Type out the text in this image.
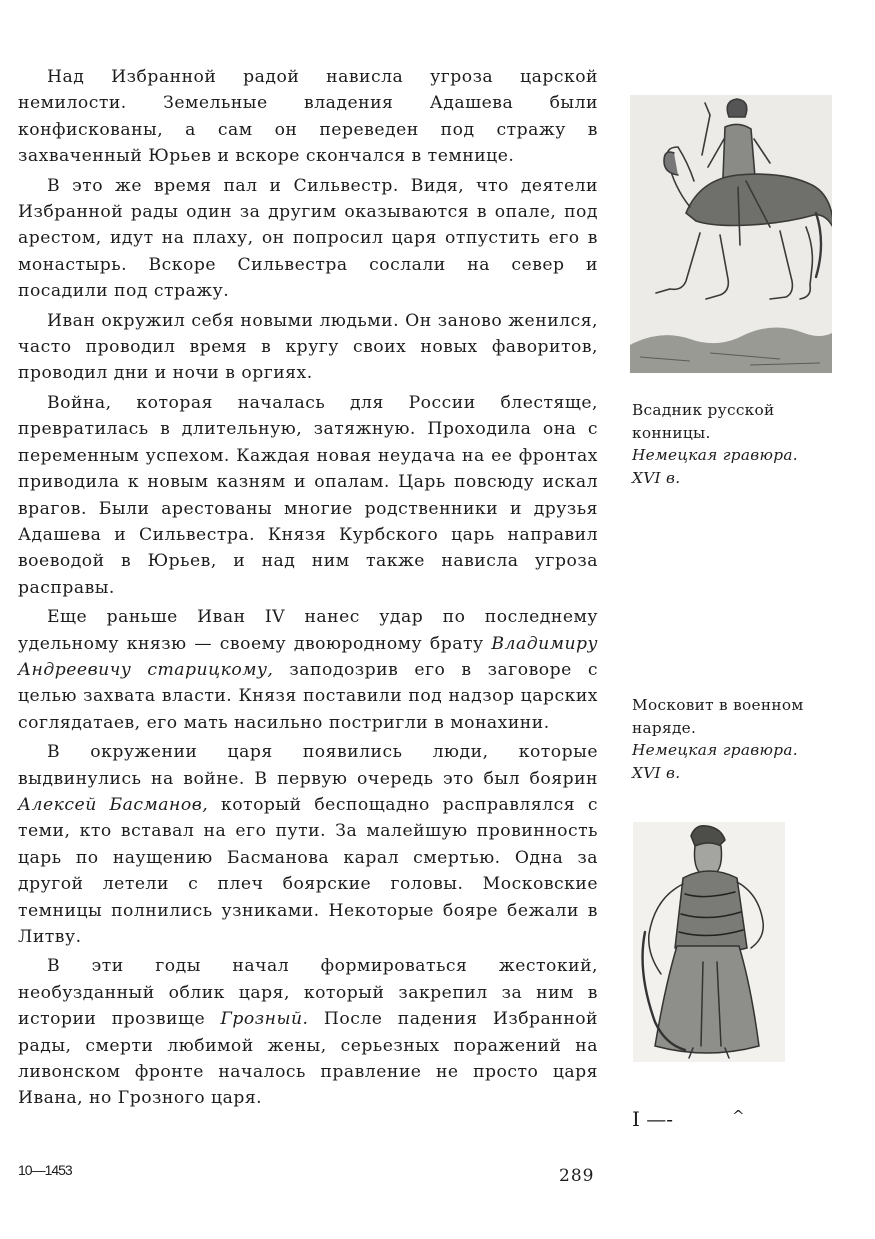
Над Избранной радой нависла угроза царской немилости. Земельные владения Адашева были конфискованы, а сам он переведен под стражу в захваченный Юрьев и вскоре скончался в темнице.

В это же время пал и Сильвестр. Видя, что деятели Избранной рады один за другим оказываются в опале, под арестом, идут на плаху, он попросил царя отпустить его в монастырь. Вскоре Сильвестра сослали на север и посадили под стражу.

Иван окружил себя новыми людьми. Он заново женился, часто проводил время в кругу своих новых фаворитов, проводил дни и ночи в оргиях.

Война, которая началась для России блестяще, превратилась в длительную, затяжную. Проходила она с переменным успехом. Каждая новая неудача на ее фронтах приводила к новым казням и опалам. Царь повсюду искал врагов. Были арестованы многие родственники и друзья Адашева и Сильвестра. Князя Курбского царь направил воеводой в Юрьев, и над ним также нависла угроза расправы.

Еще раньше Иван IV нанес удар по последнему удельному князю — своему двоюродному брату Владимиру Андреевичу старицкому, заподозрив его в заговоре с целью захвата власти. Князя поставили под надзор царских соглядатаев, его мать насильно постригли в монахини.

В окружении царя появились люди, которые выдвинулись на войне. В первую очередь это был боярин Алексей Басманов, который беспощадно расправлялся с теми, кто вставал на его пути. За малейшую провинность царь по наущению Басманова карал смертью. Одна за другой летели с плеч боярские головы. Московские темницы полнились узниками. Некоторые бояре бежали в Литву.

В эти годы начал формироваться жестокий, необузданный облик царя, который закрепил за ним в истории прозвище Грозный. После падения Избранной рады, смерти любимой жены, серьезных поражений на ливонском фронте началось правление не просто царя Ивана, но Грозного царя.

Всадник русской
конницы.
Немецкая гравюра.
XVI в.
Московит в военном
наряде.
Немецкая гравюра.
XVI в.
I —-	^
10—1453	289
